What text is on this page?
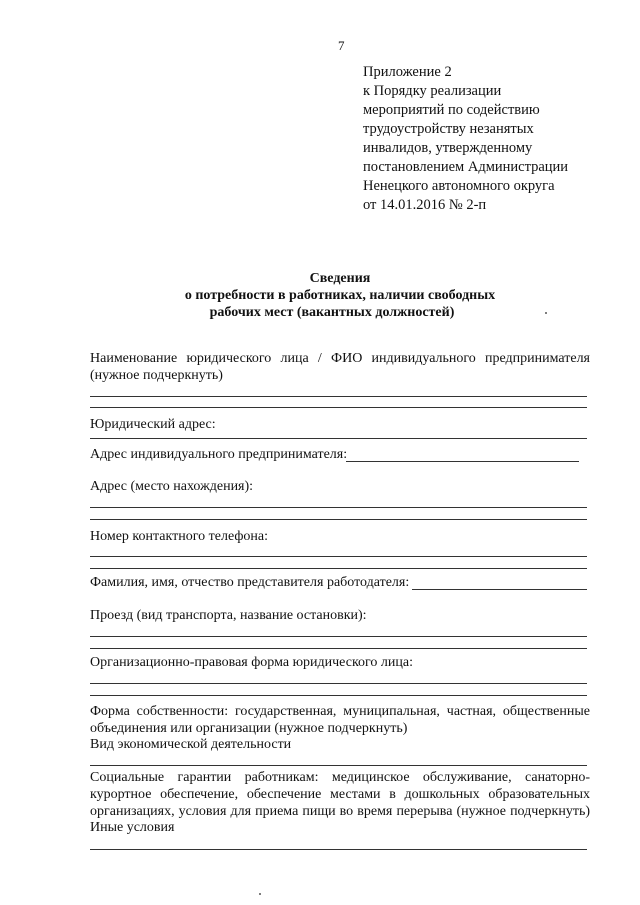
7
Приложение 2
к Порядку реализации
мероприятий по содействию
трудоустройству незанятых
инвалидов, утвержденному
постановлением Администрации
Ненецкого автономного округа
от 14.01.2016 № 2-п
Сведения
о потребности в работниках, наличии свободных
рабочих мест (вакантных должностей)
Наименование юридического лица / ФИО индивидуального предпринимателя
(нужное подчеркнуть)
Юридический адрес:
Адрес индивидуального предпринимателя:
Адрес (место нахождения):
Номер контактного телефона:
Фамилия, имя, отчество представителя работодателя:
Проезд (вид транспорта, название остановки):
Организационно-правовая форма юридического лица:
Форма собственности: государственная, муниципальная, частная, общественные
объединения или организации (нужное подчеркнуть)
Вид экономической деятельности
Социальные гарантии работникам: медицинское обслуживание, санаторно-
курортное обеспечение, обеспечение местами в дошкольных образовательных
организациях, условия для приема пищи во время перерыва (нужное подчеркнуть)
Иные условия
